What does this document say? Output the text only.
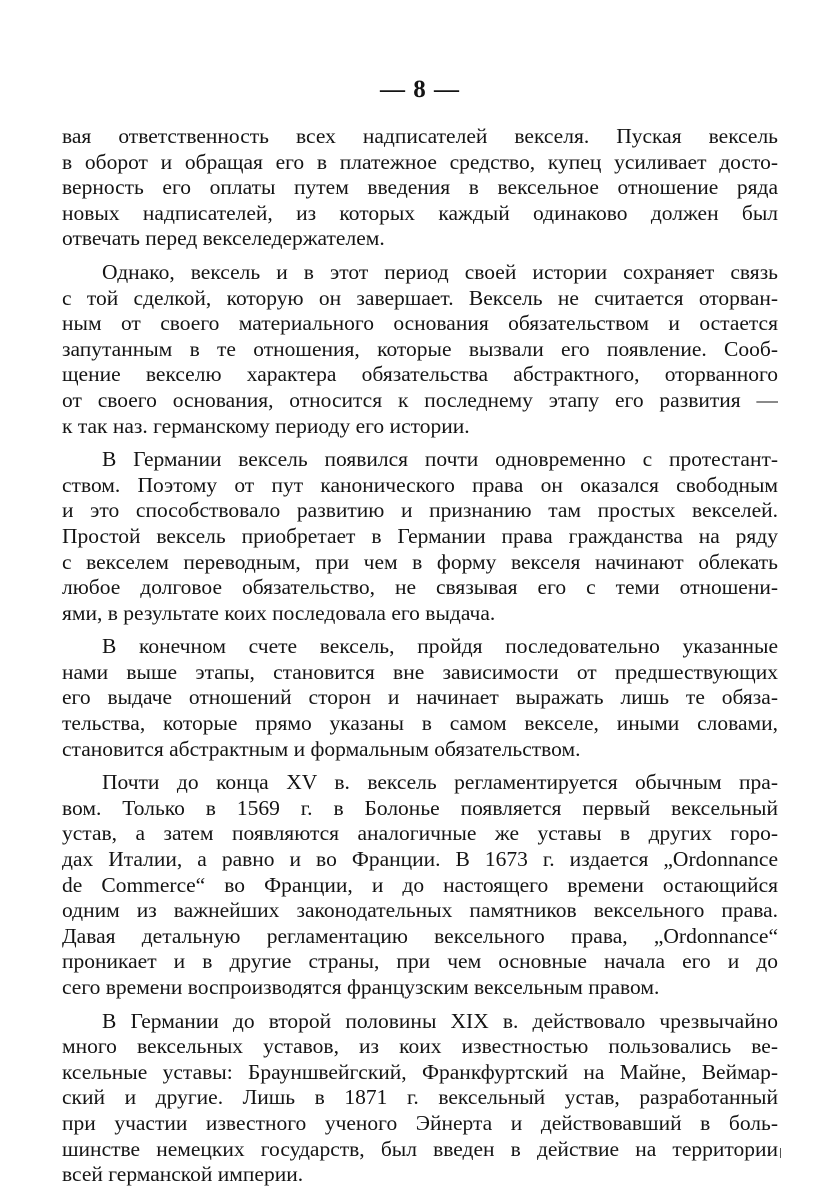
— 8 —
вая ответственность всех надписателей векселя. Пуская вексель
в оборот и обращая его в платежное средство, купец усиливает досто-
верность его оплаты путем введения в вексельное отношение ряда
новых надписателей, из которых каждый одинаково должен был
отвечать перед векселедержателем.
Однако, вексель и в этот период своей истории сохраняет связь
с той сделкой, которую он завершает. Вексель не считается оторван-
ным от своего материального основания обязательством и остается
запутанным в те отношения, которые вызвали его появление. Сооб-
щение векселю характера обязательства абстрактного, оторванного
от своего основания, относится к последнему этапу его развития —
к так наз. германскому периоду его истории.
В Германии вексель появился почти одновременно с протестант-
ством. Поэтому от пут канонического права он оказался свободным
и это способствовало развитию и признанию там простых векселей.
Простой вексель приобретает в Германии права гражданства на ряду
с векселем переводным, при чем в форму векселя начинают облекать
любое долговое обязательство, не связывая его с теми отношени-
ями, в результате коих последовала его выдача.
В конечном счете вексель, пройдя последовательно указанные
нами выше этапы, становится вне зависимости от предшествующих
его выдаче отношений сторон и начинает выражать лишь те обяза-
тельства, которые прямо указаны в самом векселе, иными словами,
становится абстрактным и формальным обязательством.
Почти до конца XV в. вексель регламентируется обычным пра-
вом. Только в 1569 г. в Болонье появляется первый вексельный
устав, а затем появляются аналогичные же уставы в других горо-
дах Италии, а равно и во Франции. В 1673 г. издается „Ordonnance
de Commerce“ во Франции, и до настоящего времени остающийся
одним из важнейших законодательных памятников вексельного права.
Давая детальную регламентацию вексельного права, „Ordonnance“
проникает и в другие страны, при чем основные начала его и до
сего времени воспроизводятся французским вексельным правом.
В Германии до второй половины XIX в. действовало чрезвычайно
много вексельных уставов, из коих известностью пользовались ве-
ксельные уставы: Брауншвейгский, Франкфуртский на Майне, Веймар-
ский и другие. Лишь в 1871 г. вексельный устав, разработанный
при участии известного ученого Эйнерта и действовавший в боль-
шинстве немецких государств, был введен в действие на территории
всей германской империи.
